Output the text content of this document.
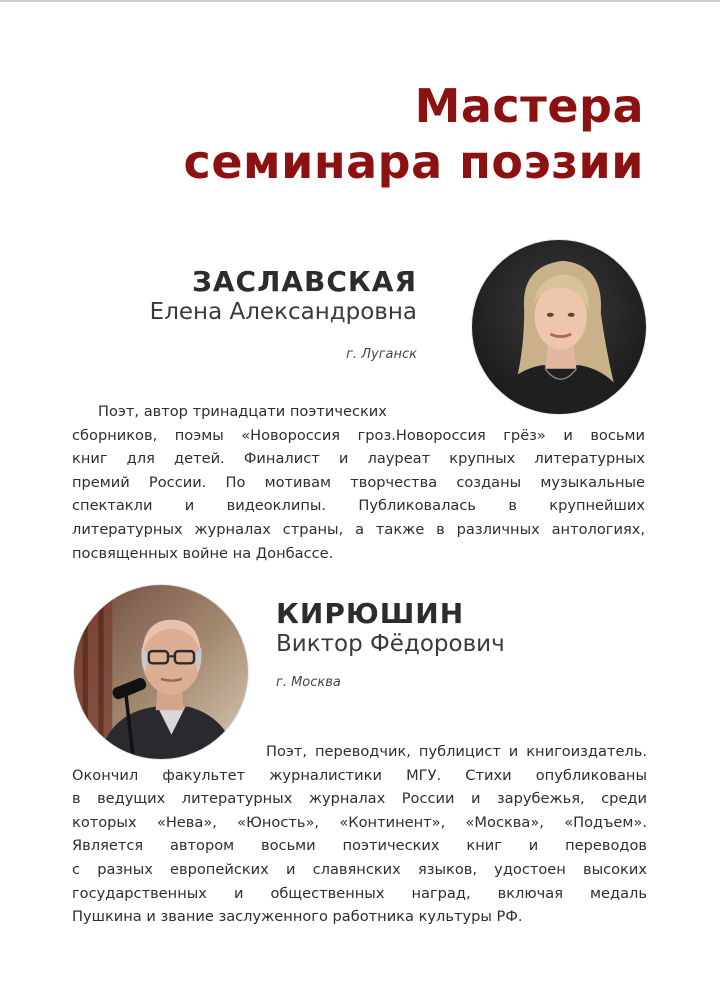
Мастера
семинара поэзии
ЗАСЛАВСКАЯ
Елена Александровна
г. Луганск

Поэт, автор тринадцати поэтических
сборников, поэмы «Новороссия гроз.Новороссия грёз» и восьми
книг для детей. Финалист и лауреат крупных литературных
премий России. По мотивам творчества созданы музыкальные
спектакли и видеоклипы. Публиковалась в крупнейших
литературных журналах страны, а также в различных антологиях,
посвященных войне на Донбассе.

КИРЮШИН
Виктор Фёдорович
г. Москва

Поэт, переводчик, публицист и книгоиздатель.
Окончил факультет журналистики МГУ. Стихи опубликованы
в ведущих литературных журналах России и зарубежья, среди
которых «Нева», «Юность», «Континент», «Москва», «Подъем».
Является автором восьми поэтических книг и переводов
с разных европейских и славянских языков, удостоен высоких
государственных и общественных наград, включая медаль
Пушкина и звание заслуженного работника культуры РФ.
